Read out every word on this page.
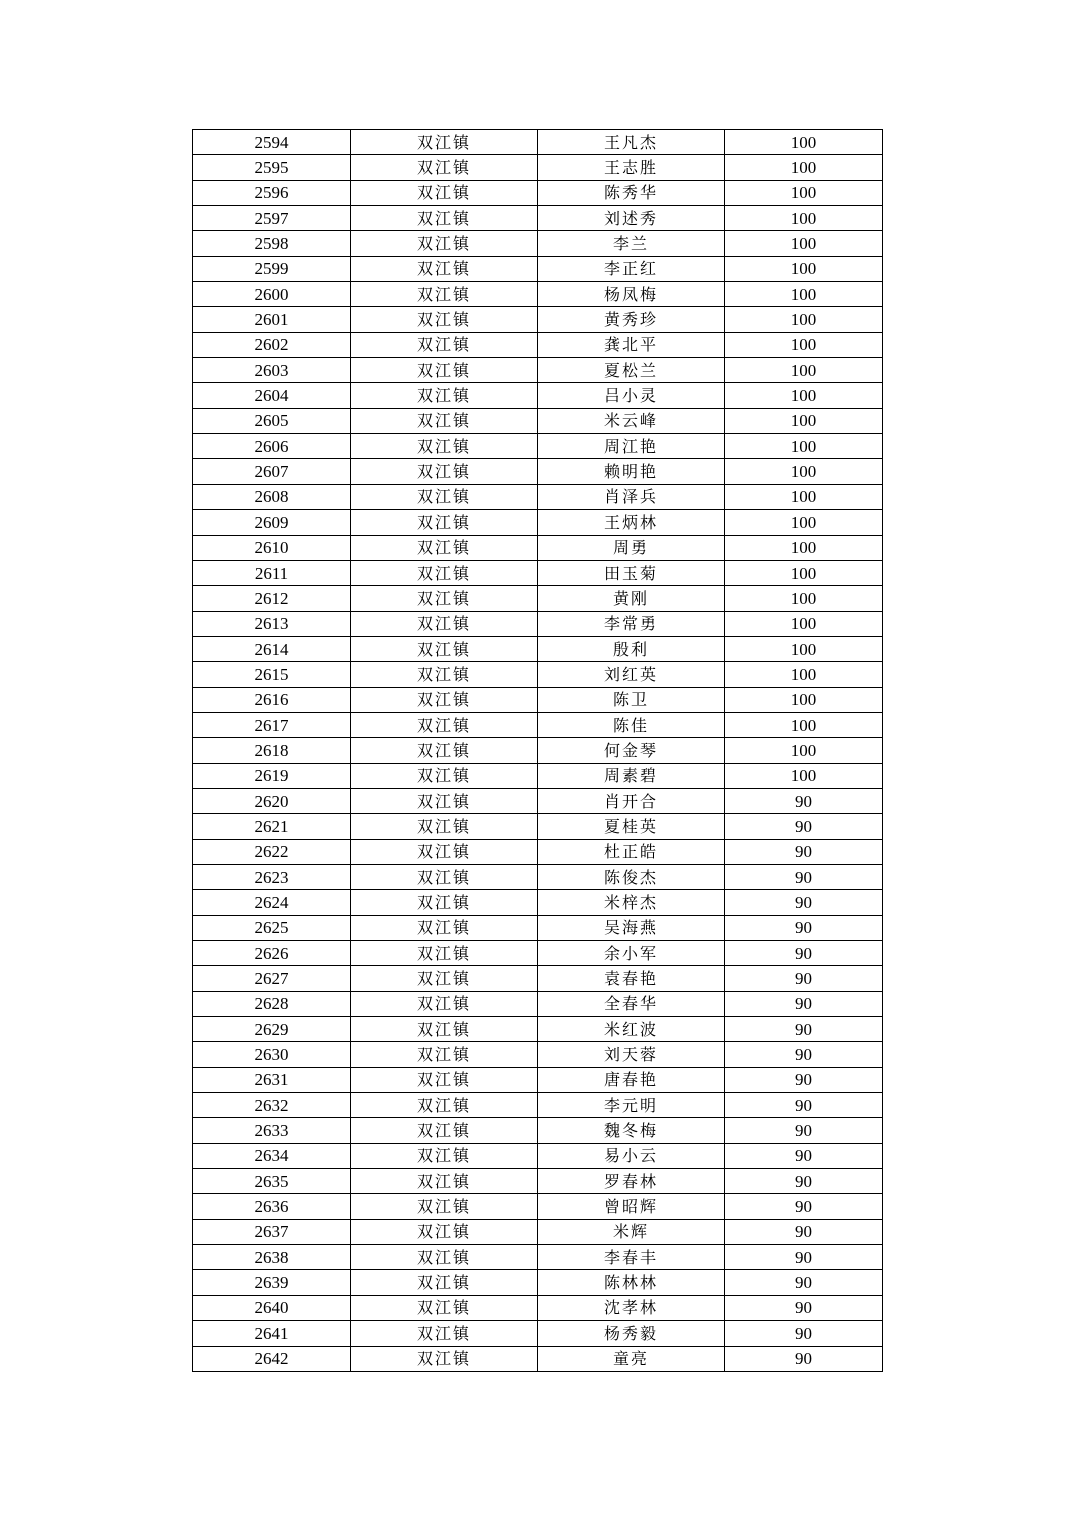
2594	双江镇	王凡杰	100
2595	双江镇	王志胜	100
2596	双江镇	陈秀华	100
2597	双江镇	刘述秀	100
2598	双江镇	李兰	100
2599	双江镇	李正红	100
2600	双江镇	杨凤梅	100
2601	双江镇	黄秀珍	100
2602	双江镇	龚北平	100
2603	双江镇	夏松兰	100
2604	双江镇	吕小灵	100
2605	双江镇	米云峰	100
2606	双江镇	周江艳	100
2607	双江镇	赖明艳	100
2608	双江镇	肖泽兵	100
2609	双江镇	王炳林	100
2610	双江镇	周勇	100
2611	双江镇	田玉菊	100
2612	双江镇	黄刚	100
2613	双江镇	李常勇	100
2614	双江镇	殷利	100
2615	双江镇	刘红英	100
2616	双江镇	陈卫	100
2617	双江镇	陈佳	100
2618	双江镇	何金琴	100
2619	双江镇	周素碧	100
2620	双江镇	肖开合	90
2621	双江镇	夏桂英	90
2622	双江镇	杜正皓	90
2623	双江镇	陈俊杰	90
2624	双江镇	米梓杰	90
2625	双江镇	吴海燕	90
2626	双江镇	余小军	90
2627	双江镇	袁春艳	90
2628	双江镇	全春华	90
2629	双江镇	米红波	90
2630	双江镇	刘天蓉	90
2631	双江镇	唐春艳	90
2632	双江镇	李元明	90
2633	双江镇	魏冬梅	90
2634	双江镇	易小云	90
2635	双江镇	罗春林	90
2636	双江镇	曾昭辉	90
2637	双江镇	米辉	90
2638	双江镇	李春丰	90
2639	双江镇	陈林林	90
2640	双江镇	沈孝林	90
2641	双江镇	杨秀毅	90
2642	双江镇	童亮	90
